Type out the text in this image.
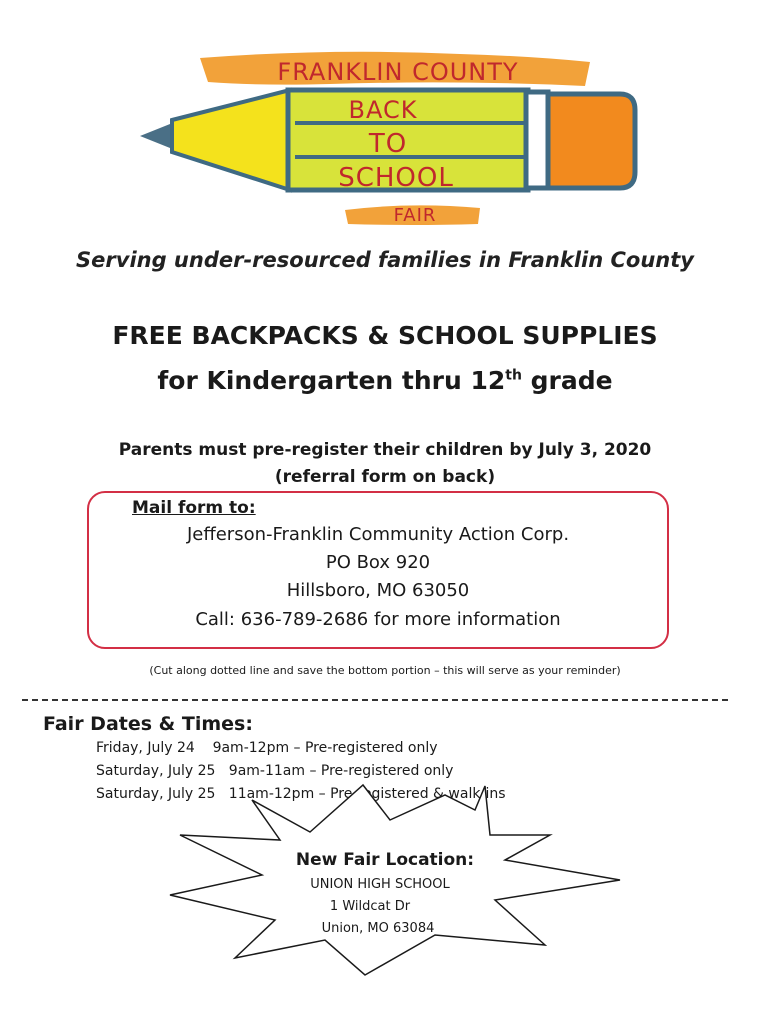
FRANKLIN COUNTY
BACK
TO
SCHOOL
FAIR
Serving under-resourced families in Franklin County
FREE BACKPACKS & SCHOOL SUPPLIES
for Kindergarten thru 12th grade
Parents must pre-register their children by July 3, 2020
(referral form on back)
Mail form to:
Jefferson-Franklin Community Action Corp.
PO Box 920
Hillsboro, MO 63050
Call: 636-789-2686 for more information
(Cut along dotted line and save the bottom portion – this will serve as your reminder)
Fair Dates & Times:
Friday, July 24    9am-12pm – Pre-registered only
Saturday, July 25   9am-11am – Pre-registered only
Saturday, July 25   11am-12pm – Pre-registered & walk-ins
New Fair Location:
UNION HIGH SCHOOL
1 Wildcat Dr
Union, MO 63084
